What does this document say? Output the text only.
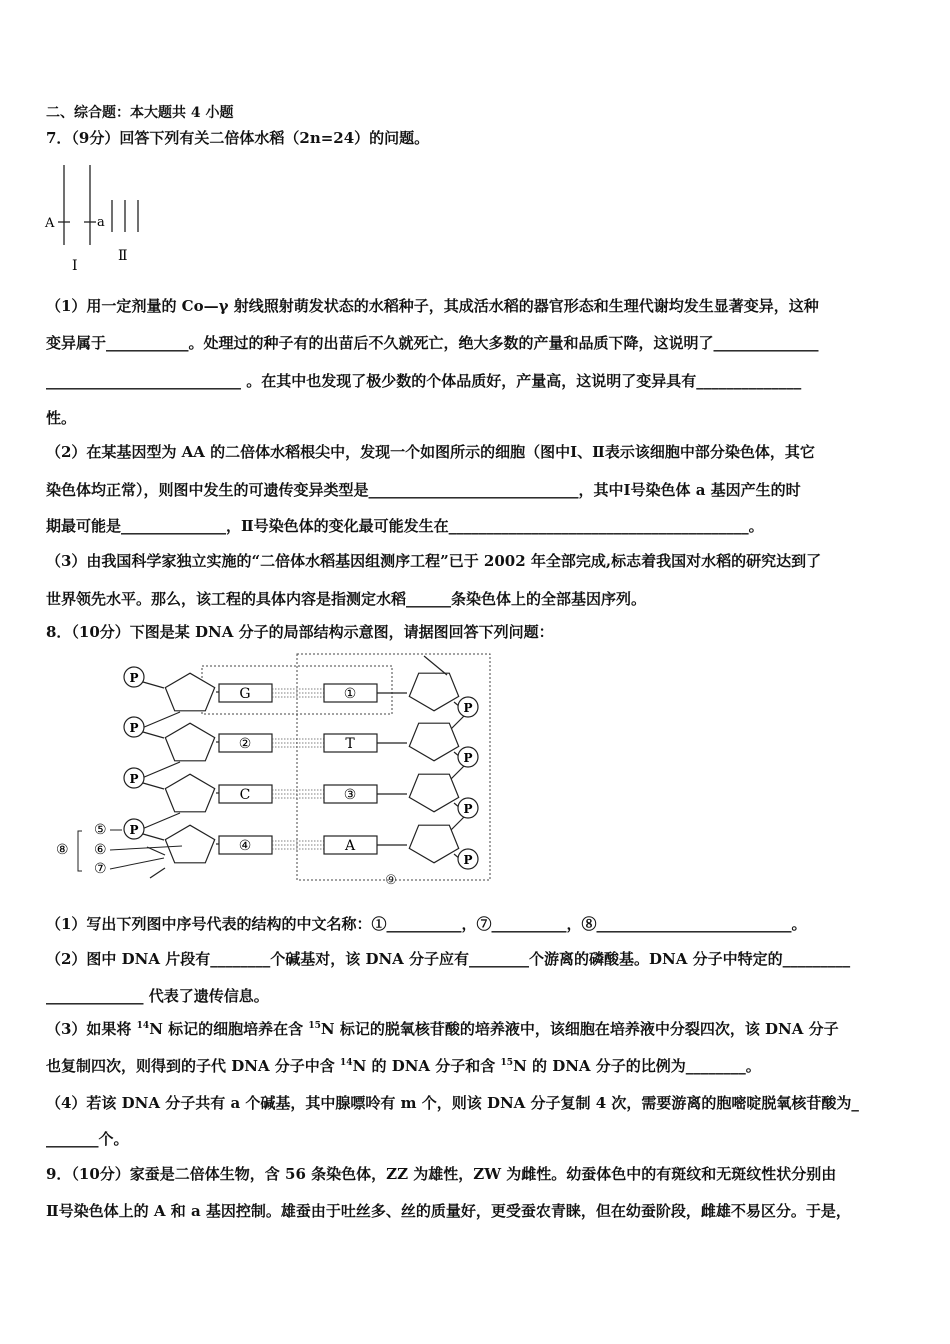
二、综合题：本大题共 4 小题
7．（9分）回答下列有关二倍体水稻（2n=24）的问题。
A	a
Ⅰ
Ⅱ
（1）用一定剂量的 Co—γ 射线照射萌发状态的水稻种子，其成活水稻的器官形态和生理代谢均发生显著变异，这种
变异属于___________。处理过的种子有的出苗后不久就死亡，绝大多数的产量和品质下降，这说明了______________
__________________________ 。在其中也发现了极少数的个体品质好，产量高，这说明了变异具有______________
性。
（2）在某基因型为 AA 的二倍体水稻根尖中，发现一个如图所示的细胞（图中Ⅰ、Ⅱ表示该细胞中部分染色体，其它
染色体均正常），则图中发生的可遗传变异类型是____________________________，其中Ⅰ号染色体 a 基因产生的时
期最可能是______________，Ⅱ号染色体的变化最可能发生在________________________________________。
（3）由我国科学家独立实施的“二倍体水稻基因组测序工程”已于 2002 年全部完成,标志着我国对水稻的研究达到了
世界领先水平。那么，该工程的具体内容是指测定水稻______条染色体上的全部基因序列。
8．（10分）下图是某 DNA 分子的局部结构示意图，请据图回答下列问题：
⑨
P
G	①
P
P
②	T
P
P
C	③
P
P
④	A
P
⑤
⑥
⑦
⑧
（1）写出下列图中序号代表的结构的中文名称：①__________，⑦__________，⑧__________________________。
（2）图中 DNA 片段有________个碱基对，该 DNA 分子应有________个游离的磷酸基。DNA 分子中特定的_________
_____________ 代表了遗传信息。
（3）如果将 $^{14}$N 标记的细胞培养在含 $^{15}$N 标记的脱氧核苷酸的培养液中，该细胞在培养液中分裂四次，该 DNA 分子
也复制四次，则得到的子代 DNA 分子中含 $^{14}$N 的 DNA 分子和含 $^{15}$N 的 DNA 分子的比例为________。
（4）若该 DNA 分子共有 a 个碱基，其中腺嘌呤有 m 个，则该 DNA 分子复制 4 次，需要游离的胞嘧啶脱氧核苷酸为_
_______个。
9．（10分）家蚕是二倍体生物，含 56 条染色体，ZZ 为雄性，ZW 为雌性。幼蚕体色中的有斑纹和无斑纹性状分别由
Ⅱ号染色体上的 A 和 a 基因控制。雄蚕由于吐丝多、丝的质量好，更受蚕农青睐，但在幼蚕阶段，雌雄不易区分。于是，
